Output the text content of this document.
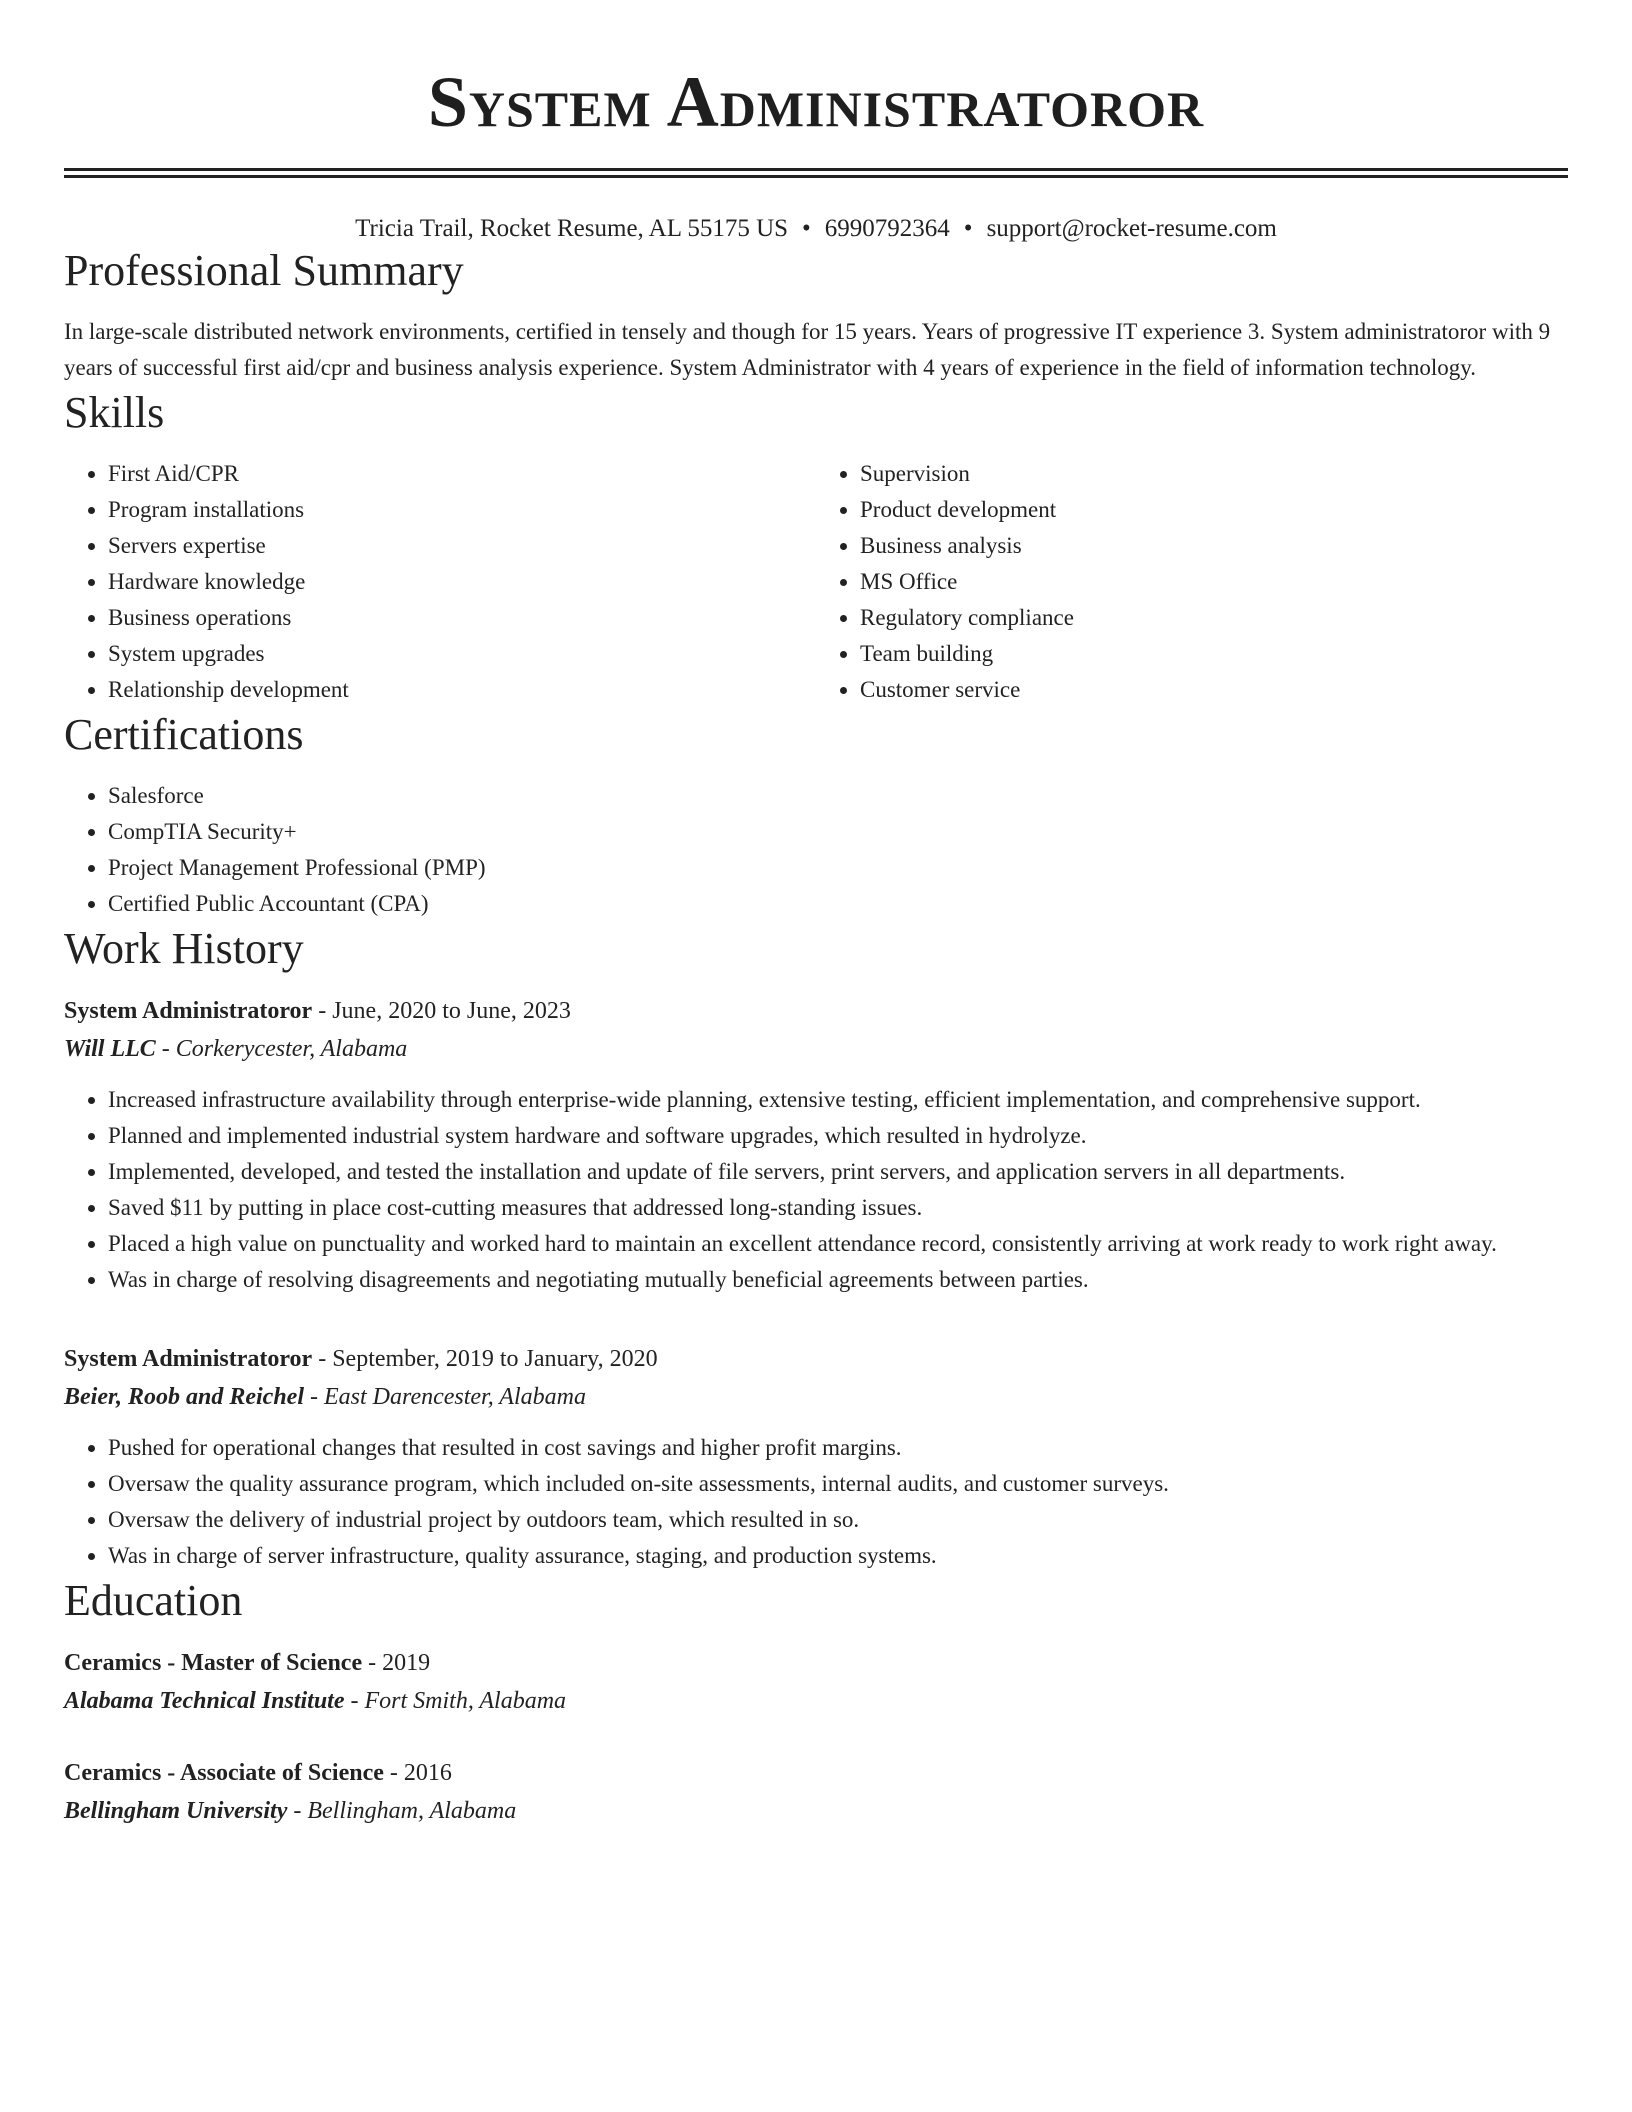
System Administratoror
Tricia Trail, Rocket Resume, AL 55175 US • 6990792364 • support@rocket-resume.com
Professional Summary

In large-scale distributed network environments, certified in tensely and though for 15 years. Years of progressive IT experience 3. System administratoror with 9 years of successful first aid/cpr and business analysis experience. System Administrator with 4 years of experience in the field of information technology.

Skills
• First Aid/CPR
• Program installations
• Servers expertise
• Hardware knowledge
• Business operations
• System upgrades
• Relationship development
• Supervision
• Product development
• Business analysis
• MS Office
• Regulatory compliance
• Team building
• Customer service
Certifications
• Salesforce
• CompTIA Security+
• Project Management Professional (PMP)
• Certified Public Accountant (CPA)
Work History
System Administratoror - June, 2020 to June, 2023
Will LLC - Corkerycester, Alabama
• Increased infrastructure availability through enterprise-wide planning, extensive testing, efficient implementation, and comprehensive support.
• Planned and implemented industrial system hardware and software upgrades, which resulted in hydrolyze.
• Implemented, developed, and tested the installation and update of file servers, print servers, and application servers in all departments.
• Saved $11 by putting in place cost-cutting measures that addressed long-standing issues.
• Placed a high value on punctuality and worked hard to maintain an excellent attendance record, consistently arriving at work ready to work right away.
• Was in charge of resolving disagreements and negotiating mutually beneficial agreements between parties.
System Administratoror - September, 2019 to January, 2020
Beier, Roob and Reichel - East Darencester, Alabama
• Pushed for operational changes that resulted in cost savings and higher profit margins.
• Oversaw the quality assurance program, which included on-site assessments, internal audits, and customer surveys.
• Oversaw the delivery of industrial project by outdoors team, which resulted in so.
• Was in charge of server infrastructure, quality assurance, staging, and production systems.
Education
Ceramics - Master of Science - 2019
Alabama Technical Institute - Fort Smith, Alabama
Ceramics - Associate of Science - 2016
Bellingham University - Bellingham, Alabama
